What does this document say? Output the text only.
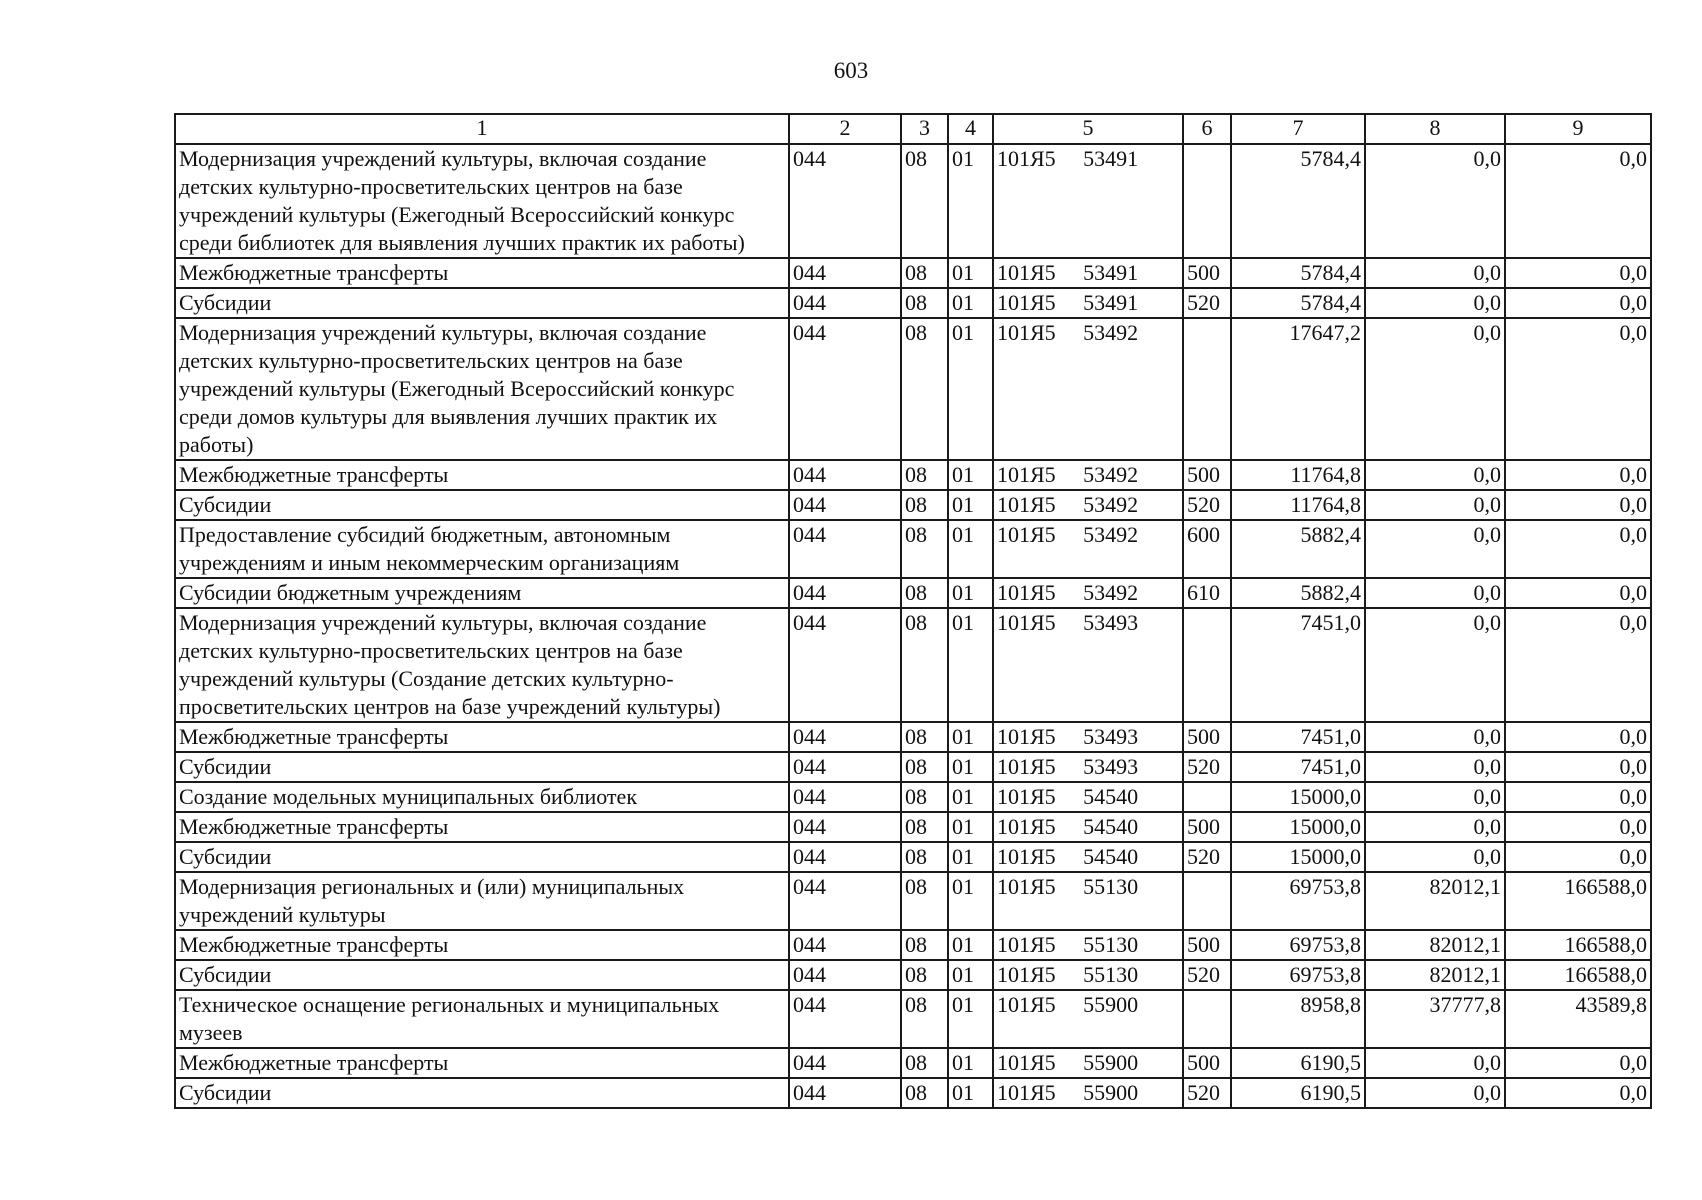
603
1	2	3	4	5	6	7	8	9
Модернизация учреждений культуры, включая создание детских культурно-просветительских центров на базе учреждений культуры (Ежегодный Всероссийский конкурс среди библиотек для выявления лучших практик их работы)	044	08	01	101Я5     53491		5784,4	0,0	0,0
Межбюджетные трансферты	044	08	01	101Я5     53491	500	5784,4	0,0	0,0
Субсидии	044	08	01	101Я5     53491	520	5784,4	0,0	0,0
Модернизация учреждений культуры, включая создание детских культурно-просветительских центров на базе учреждений культуры (Ежегодный Всероссийский конкурс среди домов культуры для выявления лучших практик их работы)	044	08	01	101Я5     53492		17647,2	0,0	0,0
Межбюджетные трансферты	044	08	01	101Я5     53492	500	11764,8	0,0	0,0
Субсидии	044	08	01	101Я5     53492	520	11764,8	0,0	0,0
Предоставление субсидий бюджетным, автономным учреждениям и иным некоммерческим организациям	044	08	01	101Я5     53492	600	5882,4	0,0	0,0
Субсидии бюджетным учреждениям	044	08	01	101Я5     53492	610	5882,4	0,0	0,0
Модернизация учреждений культуры, включая создание детских культурно-просветительских центров на базе учреждений культуры (Создание детских культурно-просветительских центров на базе учреждений культуры)	044	08	01	101Я5     53493		7451,0	0,0	0,0
Межбюджетные трансферты	044	08	01	101Я5     53493	500	7451,0	0,0	0,0
Субсидии	044	08	01	101Я5     53493	520	7451,0	0,0	0,0
Создание модельных муниципальных библиотек	044	08	01	101Я5     54540		15000,0	0,0	0,0
Межбюджетные трансферты	044	08	01	101Я5     54540	500	15000,0	0,0	0,0
Субсидии	044	08	01	101Я5     54540	520	15000,0	0,0	0,0
Модернизация региональных и (или) муниципальных учреждений культуры	044	08	01	101Я5     55130		69753,8	82012,1	166588,0
Межбюджетные трансферты	044	08	01	101Я5     55130	500	69753,8	82012,1	166588,0
Субсидии	044	08	01	101Я5     55130	520	69753,8	82012,1	166588,0
Техническое оснащение региональных и муниципальных музеев	044	08	01	101Я5     55900		8958,8	37777,8	43589,8
Межбюджетные трансферты	044	08	01	101Я5     55900	500	6190,5	0,0	0,0
Субсидии	044	08	01	101Я5     55900	520	6190,5	0,0	0,0
